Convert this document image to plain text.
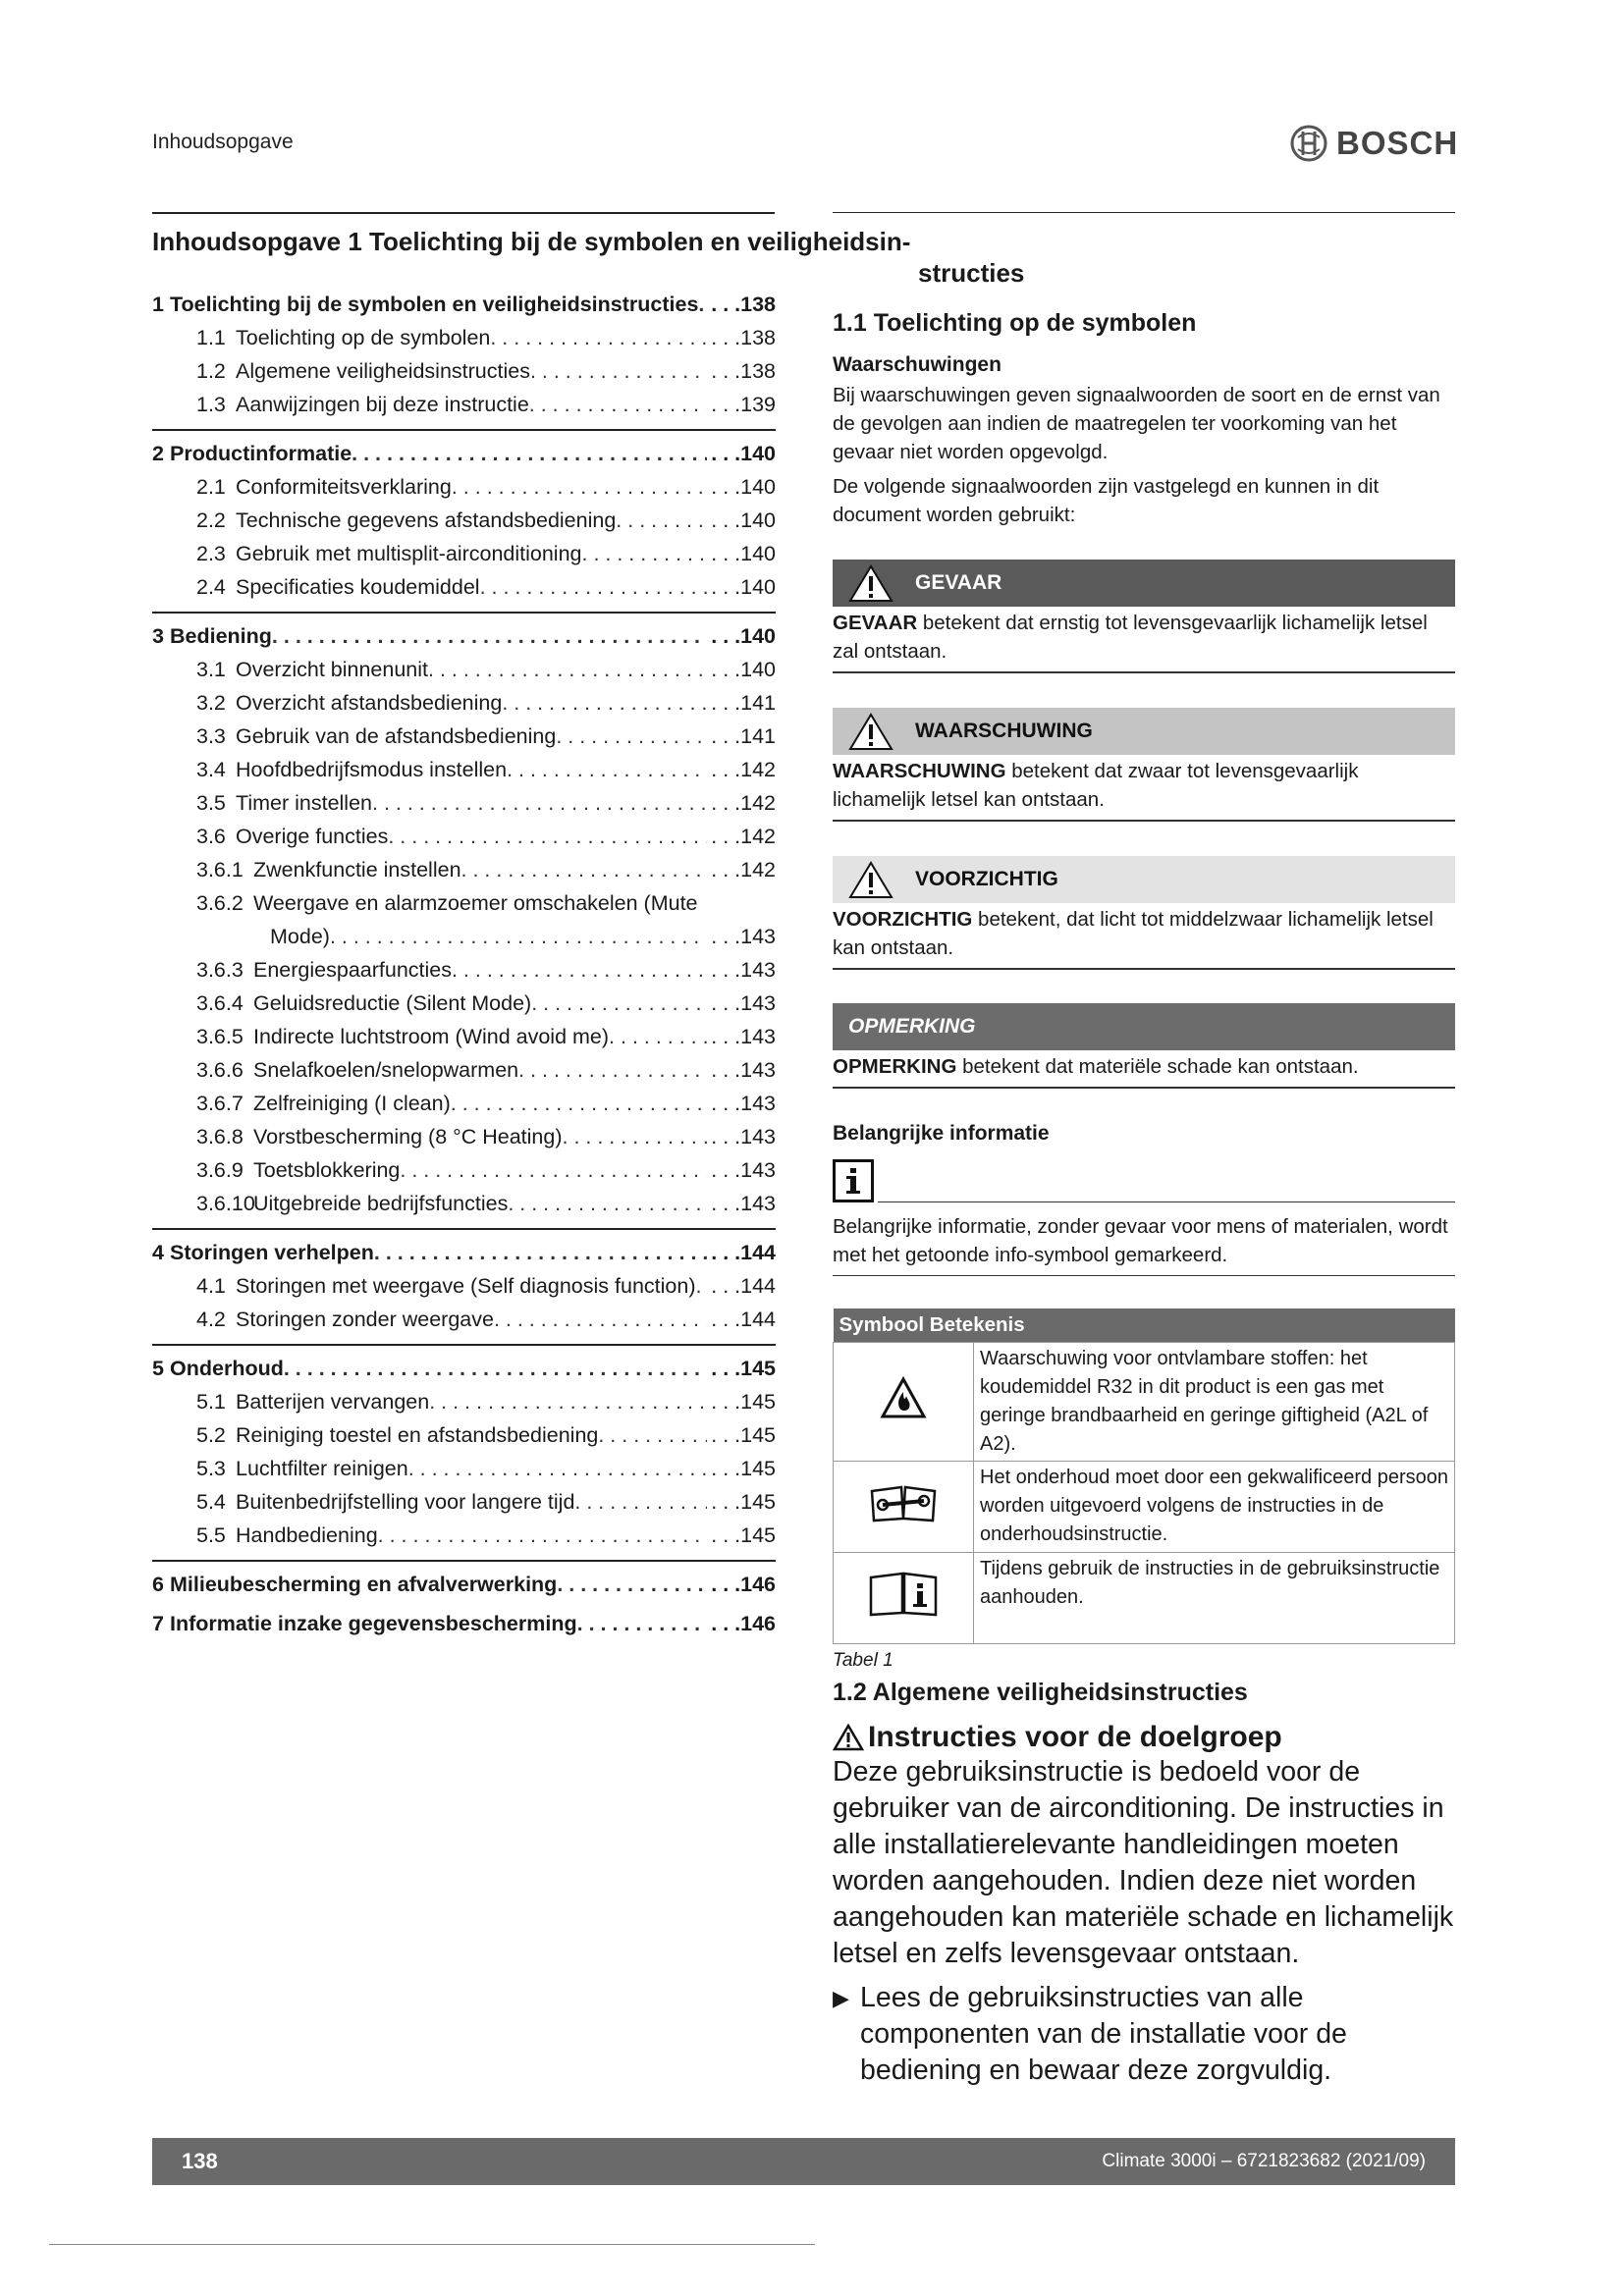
Inhoudsopgave	BOSCH
Inhoudsopgave 1 Toelichting bij de symbolen en veiligheidsin-
1 Toelichting bij de symbolen en veiligheidsinstructies . . . . . .138
1.1 Toelichting op de symbolen . . .	. . .138
1.2 Algemene veiligheidsinstructies . . .	. . .138
1.3 Aanwijzingen bij deze instructie . . .	. . .139
2 Productinformatie . . .	. . .140
2.1 Conformiteitsverklaring . . .	. . .140
2.2 Technische gegevens afstandsbediening . . .	. . .140
2.3 Gebruik met multisplit-airconditioning . . .	. . .140
2.4 Specificaties koudemiddel . . .	. . .140
3 Bediening . . .	. . .140
3.1 Overzicht binnenunit . . .	. . .140
3.2 Overzicht afstandsbediening . . .	. . .141
3.3 Gebruik van de afstandsbediening . . .	. . .141
3.4 Hoofdbedrijfsmodus instellen . . .	. . .142
3.5 Timer instellen . . .	. . .142
3.6 Overige functies . . .	. . .142
3.6.1 Zwenkfunctie instellen . . .	. . .142
3.6.2 Weergave en alarmzoemer omschakelen (Mute
Mode) . . .	. . .143
3.6.3 Energiespaarfuncties . . .	. . .143
3.6.4 Geluidsreductie (Silent Mode) . . .	. . .143
3.6.5 Indirecte luchtstroom (Wind avoid me) . . .	. . .143
3.6.6 Snelafkoelen/snelopwarmen . . .	. . .143
3.6.7 Zelfreiniging (I clean) . . .	. . .143
3.6.8 Vorstbescherming (8 °C Heating) . . .	. . .143
3.6.9 Toetsblokkering . . .	. . .143
3.6.10
Uitgebreide bedrijfsfuncties . . .	. . .143
4 Storingen verhelpen . . .	. . .144
4.1 Storingen met weergave (Self diagnosis function) . . . . . .144
4.2 Storingen zonder weergave . . .	. . .144
5 Onderhoud . . .	. . .145
5.1 Batterijen vervangen . . .	. . .145
5.2 Reiniging toestel en afstandsbediening . . .	. . .145
5.3 Luchtfilter reinigen . . .	. . .145
5.4 Buitenbedrijfstelling voor langere tijd . . .	. . .145
5.5 Handbediening . . .	. . .145
6 Milieubescherming en afvalverwerking . . .	. . .146
7 Informatie inzake gegevensbescherming . . .	. . .146
structies
1.1 Toelichting op de symbolen
Waarschuwingen
Bij waarschuwingen geven signaalwoorden de soort en de ernst van de gevolgen aan indien de maatregelen ter voorkoming van het gevaar niet worden opgevolgd.
De volgende signaalwoorden zijn vastgelegd en kunnen in dit document worden gebruikt:
GEVAAR
GEVAAR betekent dat ernstig tot levensgevaarlijk lichamelijk letsel zal ontstaan.
WAARSCHUWING
WAARSCHUWING betekent dat zwaar tot levensgevaarlijk lichamelijk letsel kan ontstaan.
VOORZICHTIG
VOORZICHTIG betekent, dat licht tot middelzwaar lichamelijk letsel kan ontstaan.
OPMERKING
OPMERKING betekent dat materiële schade kan ontstaan.
Belangrijke informatie
Belangrijke informatie, zonder gevaar voor mens of materialen, wordt met het getoonde info-symbool gemarkeerd.
Symbool Betekenis	
	Waarschuwing voor ontvlambare stoffen: het koudemiddel R32 in dit product is een gas met geringe brandbaarheid en geringe giftigheid (A2L of A2).
	Het onderhoud moet door een gekwalificeerd persoon worden uitgevoerd volgens de instructies in de onderhoudsinstructie.
	Tijdens gebruik de instructies in de gebruiksinstructie aanhouden.
Tabel 1
1.2 Algemene veiligheidsinstructies
Instructies voor de doelgroep
Deze gebruiksinstructie is bedoeld voor de gebruiker van de airconditioning. De instructies in alle installatierelevante handleidingen moeten worden aangehouden. Indien deze niet worden aangehouden kan materiële schade en lichamelijk letsel en zelfs levensgevaar ontstaan.
▶ Lees de gebruiksinstructies van alle componenten van de installatie voor de bediening en bewaar deze zorgvuldig.
138	Climate 3000i – 6721823682 (2021/09)
